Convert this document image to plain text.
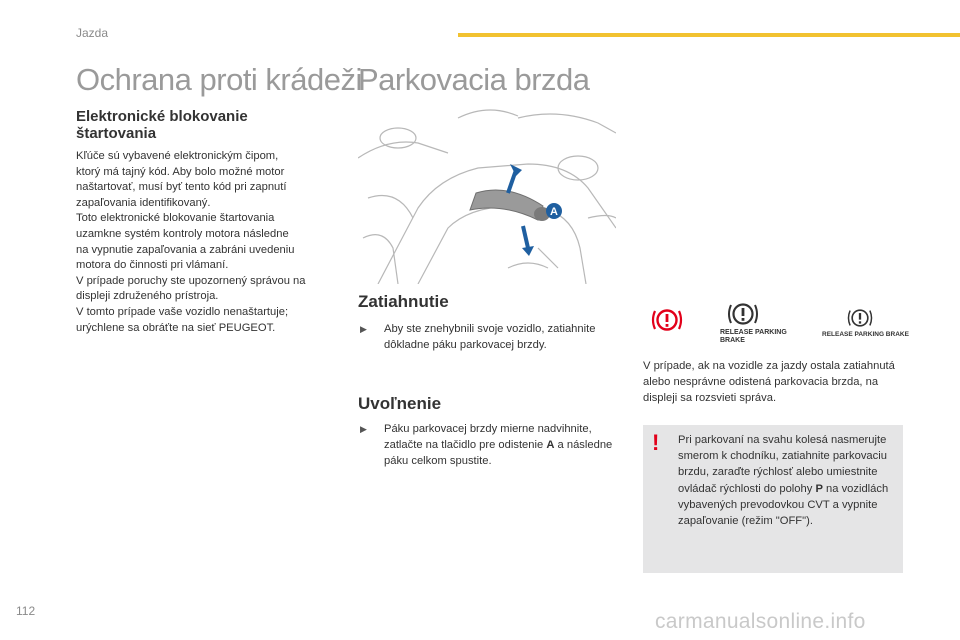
Jazda
Ochrana proti krádeži
Parkovacia brzda
Elektronické blokovanie
štartovania
Kľúče sú vybavené elektronickým čipom,
ktorý má tajný kód. Aby bolo možné motor
naštartovať, musí byť tento kód pri zapnutí
zapaľovania identifikovaný.
Toto elektronické blokovanie štartovania
uzamkne systém kontroly motora následne
na vypnutie zapaľovania a zabráni uvedeniu
motora do činnosti pri vlámaní.
V prípade poruchy ste upozornený správou na
displeji združeného prístroja.
V tomto prípade vaše vozidlo nenaštartuje;
urýchlene sa obráťte na sieť PEUGEOT.
A
Zatiahnutie
▶ Aby ste znehybnili svoje vozidlo, zatiahnite dôkladne páku parkovacej brzdy.
Uvoľnenie
▶ Páku parkovacej brzdy mierne nadvihnite, zatlačte na tlačidlo pre odistenie A a následne páku celkom spustite.
RELEASE PARKING
BRAKE
RELEASE PARKING BRAKE
V prípade, ak na vozidle za jazdy ostala zatiahnutá alebo nesprávne odistená parkovacia brzda, na displeji sa rozsvieti správa.
! Pri parkovaní na svahu kolesá nasmerujte smerom k chodníku, zatiahnite parkovaciu brzdu, zaraďte rýchlosť alebo umiestnite ovládač rýchlosti do polohy P na vozidlách vybavených prevodovkou CVT a vypnite zapaľovanie (režim "OFF").
112	carmanualsonline.info
